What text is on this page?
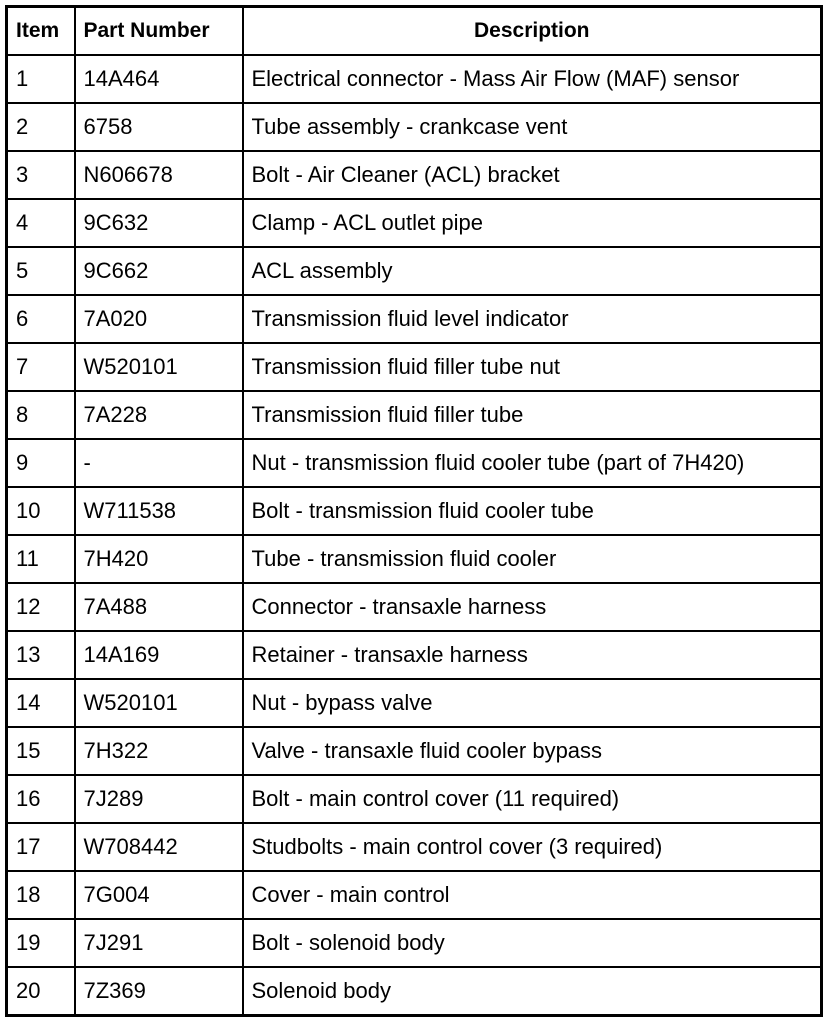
Item	Part Number	Description
1	14A464	Electrical connector - Mass Air Flow (MAF) sensor
2	6758	Tube assembly - crankcase vent
3	N606678	Bolt - Air Cleaner (ACL) bracket
4	9C632	Clamp - ACL outlet pipe
5	9C662	ACL assembly
6	7A020	Transmission fluid level indicator
7	W520101	Transmission fluid filler tube nut
8	7A228	Transmission fluid filler tube
9	-	Nut - transmission fluid cooler tube (part of 7H420)
10	W711538	Bolt - transmission fluid cooler tube
11	7H420	Tube - transmission fluid cooler
12	7A488	Connector - transaxle harness
13	14A169	Retainer - transaxle harness
14	W520101	Nut - bypass valve
15	7H322	Valve - transaxle fluid cooler bypass
16	7J289	Bolt - main control cover (11 required)
17	W708442	Studbolts - main control cover (3 required)
18	7G004	Cover - main control
19	7J291	Bolt - solenoid body
20	7Z369	Solenoid body
